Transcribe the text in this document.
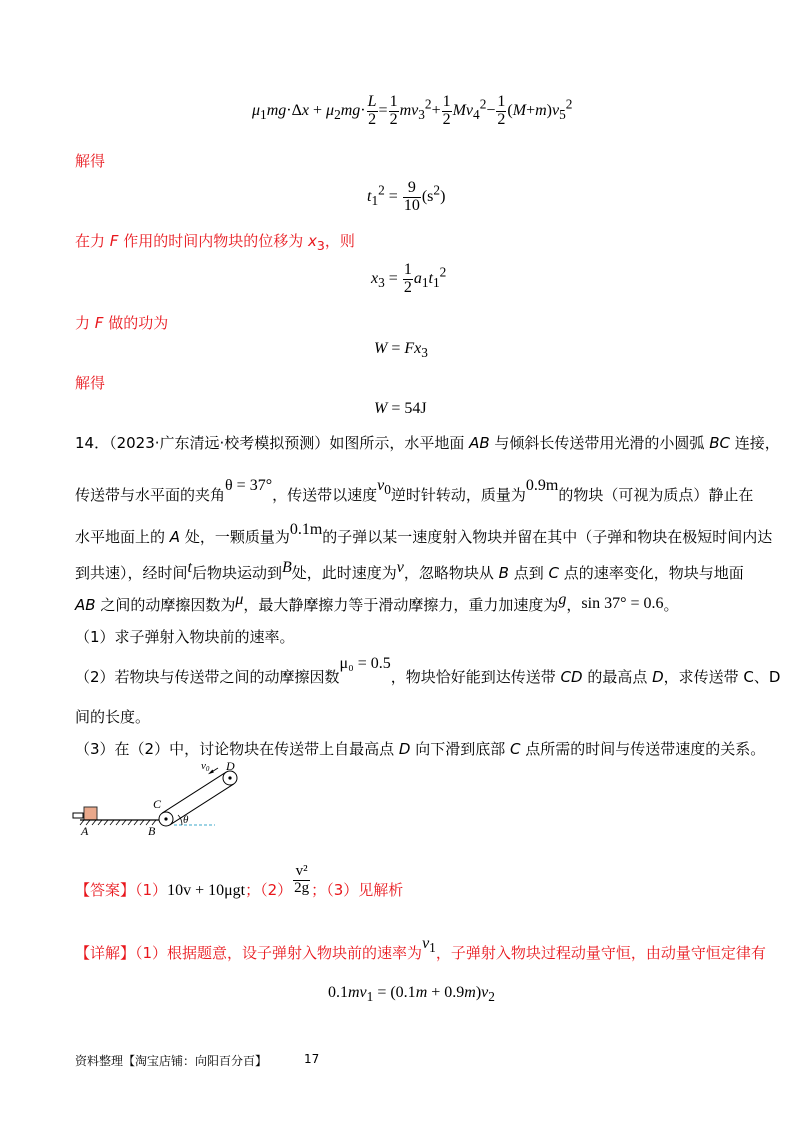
$\mu_1mg\cdot\Delta x + \mu_2mg\cdot \frac{L}{2} = \frac{1}{2} mv_3^2+ \frac{1}{2} Mv_4^2- \frac{1}{2} (M+m)v_5^2$
解得
$t_1^2 = \frac{9}{10} (s^2)$
在力 F 作用的时间内物块的位移为 $x_3$，则
$x_3 = \frac{1}{2} a_1t_1^2$
力 F 做的功为
$W = Fx_3$
解得
W = 54J
14．（2023·广东清远·校考模拟预测）如图所示，水平地面 AB 与倾斜长传送带用光滑的小圆弧 BC 连接，
传送带与水平面的夹角θ = 37°，传送带以速度$v_0$逆时针转动，质量为0.9m的物块（可视为质点）静止在
水平地面上的 A 处，一颗质量为0.1m的子弹以某一速度射入物块并留在其中（子弹和物块在极短时间内达
到共速），经时间t后物块运动到B处，此时速度为v，忽略物块从 B 点到 C 点的速率变化，物块与地面
AB 之间的动摩擦因数为μ，最大静摩擦力等于滑动摩擦力，重力加速度为g，sin 37° = 0.6。
（1）求子弹射入物块前的速率。
（2）若物块与传送带之间的动摩擦因数μ₀ = 0.5，物块恰好能到达传送带 CD 的最高点 D，求传送带 C、D
间的长度。
（3）在（2）中，讨论物块在传送带上自最高点 D 向下滑到底部 C 点所需的时间与传送带速度的关系。
v0 D
C
A	B
θ
【答案】（1）10v + 10μgt；$(2) \frac{\text{v²}}{2g}$ ；（3）见解析
【详解】（1）根据题意，设子弹射入物块前的速率为$v_1$，子弹射入物块过程动量守恒，由动量守恒定律有
$0.1mv_1 = (0.1m + 0.9m)v_2$
资料整理【淘宝店铺：向阳百分百】	17
